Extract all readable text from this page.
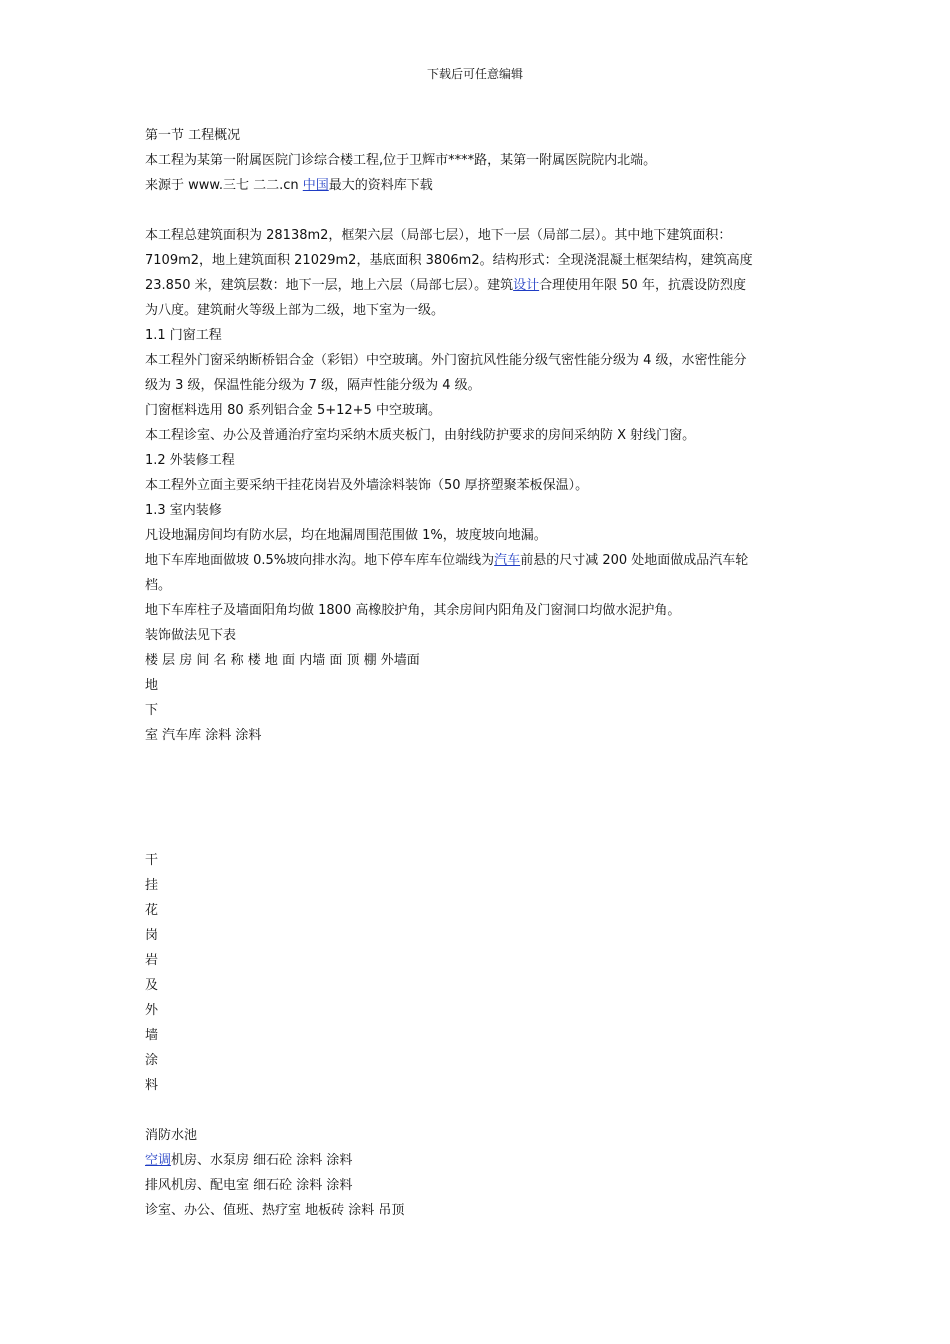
下载后可任意编辑
第一节 工程概况
本工程为某第一附属医院门诊综合楼工程,位于卫辉市****路，某第一附属医院院内北端。
来源于 www.三七 二二.cn 中国最大的资料库下载
本工程总建筑面积为 28138m2，框架六层（局部七层），地下一层（局部二层）。其中地下建筑面积：
7109m2，地上建筑面积 21029m2，基底面积 3806m2。结构形式：全现浇混凝土框架结构，建筑高度
23.850 米，建筑层数：地下一层，地上六层（局部七层）。建筑设计合理使用年限 50 年，抗震设防烈度
为八度。建筑耐火等级上部为二级，地下室为一级。
1.1 门窗工程
本工程外门窗采纳断桥铝合金（彩铝）中空玻璃。外门窗抗风性能分级气密性能分级为 4 级，水密性能分
级为 3 级，保温性能分级为 7 级，隔声性能分级为 4 级。
门窗框料选用 80 系列铝合金 5+12+5 中空玻璃。
本工程诊室、办公及普通治疗室均采纳木质夹板门，由射线防护要求的房间采纳防 X 射线门窗。
1.2 外装修工程
本工程外立面主要采纳干挂花岗岩及外墙涂料装饰（50 厚挤塑聚苯板保温）。
1.3 室内装修
凡设地漏房间均有防水层，均在地漏周围范围做 1%，坡度坡向地漏。
地下车库地面做坡 0.5%坡向排水沟。地下停车库车位端线为汽车前悬的尺寸减 200 处地面做成品汽车轮
档。
地下车库柱子及墙面阳角均做 1800 高橡胶护角，其余房间内阳角及门窗洞口均做水泥护角。
装饰做法见下表
楼 层 房 间 名 称 楼 地 面 内墙 面 顶 棚 外墙面
地
下
室 汽车库 涂料 涂料
干
挂
花
岗
岩
及
外
墙
涂
料
消防水池
空调机房、水泵房 细石砼 涂料 涂料
排风机房、配电室 细石砼 涂料 涂料
诊室、办公、值班、热疗室 地板砖 涂料 吊顶
